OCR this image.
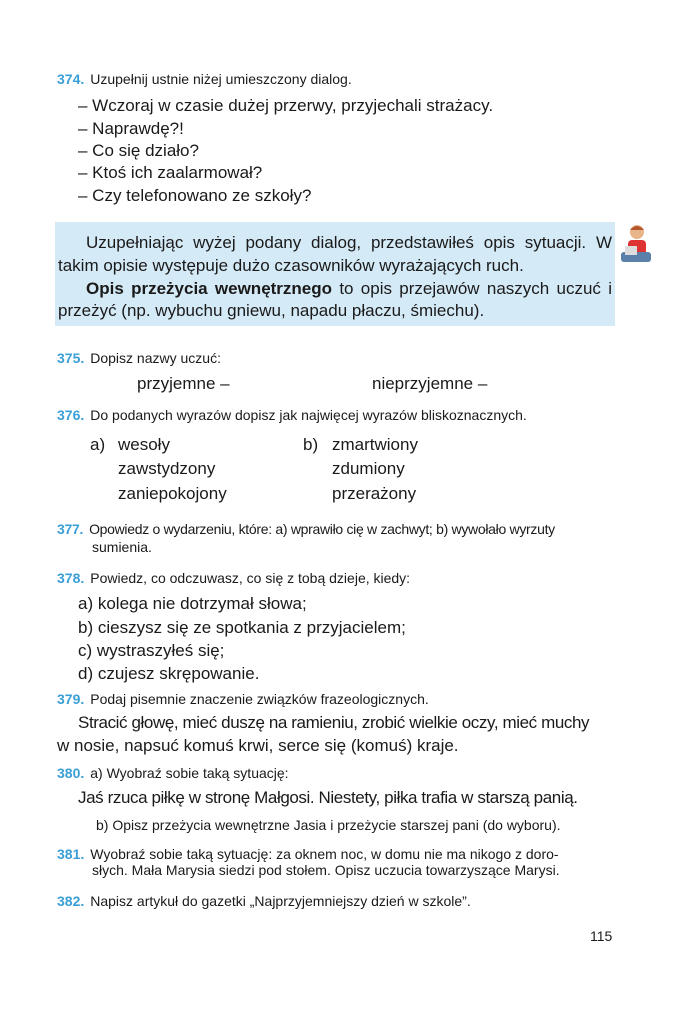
374. Uzupełnij ustnie niżej umieszczony dialog.
– Wczoraj w czasie dużej przerwy, przyjechali strażacy.
– Naprawdę?!
– Co się działo?
– Ktoś ich zaalarmował?
– Czy telefonowano ze szkoły?
Uzupełniając wyżej podany dialog, przedstawiłeś opis sytuacji. W
takim opisie występuje dużo czasowników wyrażających ruch.
Opis przeżycia wewnętrznego to opis przejawów naszych uczuć i
przeżyć (np. wybuchu gniewu, napadu płaczu, śmiechu).
375. Dopisz nazwy uczuć:
przyjemne –	nieprzyjemne –
376. Do podanych wyrazów dopisz jak najwięcej wyrazów bliskoznacznych.
a) wesoły
zawstydzony
zaniepokojony
b) zmartwiony
zdumiony
przerażony
377. Opowiedz o wydarzeniu, które: a) wprawiło cię w zachwyt; b) wywołało wyrzuty
sumienia.
378. Powiedz, co odczuwasz, co się z tobą dzieje, kiedy:
a) kolega nie dotrzymał słowa;
b) cieszysz się ze spotkania z przyjacielem;
c) wystraszyłeś się;
d) czujesz skrępowanie.
379. Podaj pisemnie znaczenie związków frazeologicznych.
Stracić głowę, mieć duszę na ramieniu, zrobić wielkie oczy, mieć muchy
w nosie, napsuć komuś krwi, serce się (komuś) kraje.
380. a) Wyobraź sobie taką sytuację:
Jaś rzuca piłkę w stronę Małgosi. Niestety, piłka trafia w starszą panią.
b) Opisz przeżycia wewnętrzne Jasia i przeżycie starszej pani (do wyboru).
381. Wyobraź sobie taką sytuację: za oknem noc, w domu nie ma nikogo z doro-
słych. Mała Marysia siedzi pod stołem. Opisz uczucia towarzyszące Marysi.
382. Napisz artykuł do gazetki „Najprzyjemniejszy dzień w szkole”.
115
